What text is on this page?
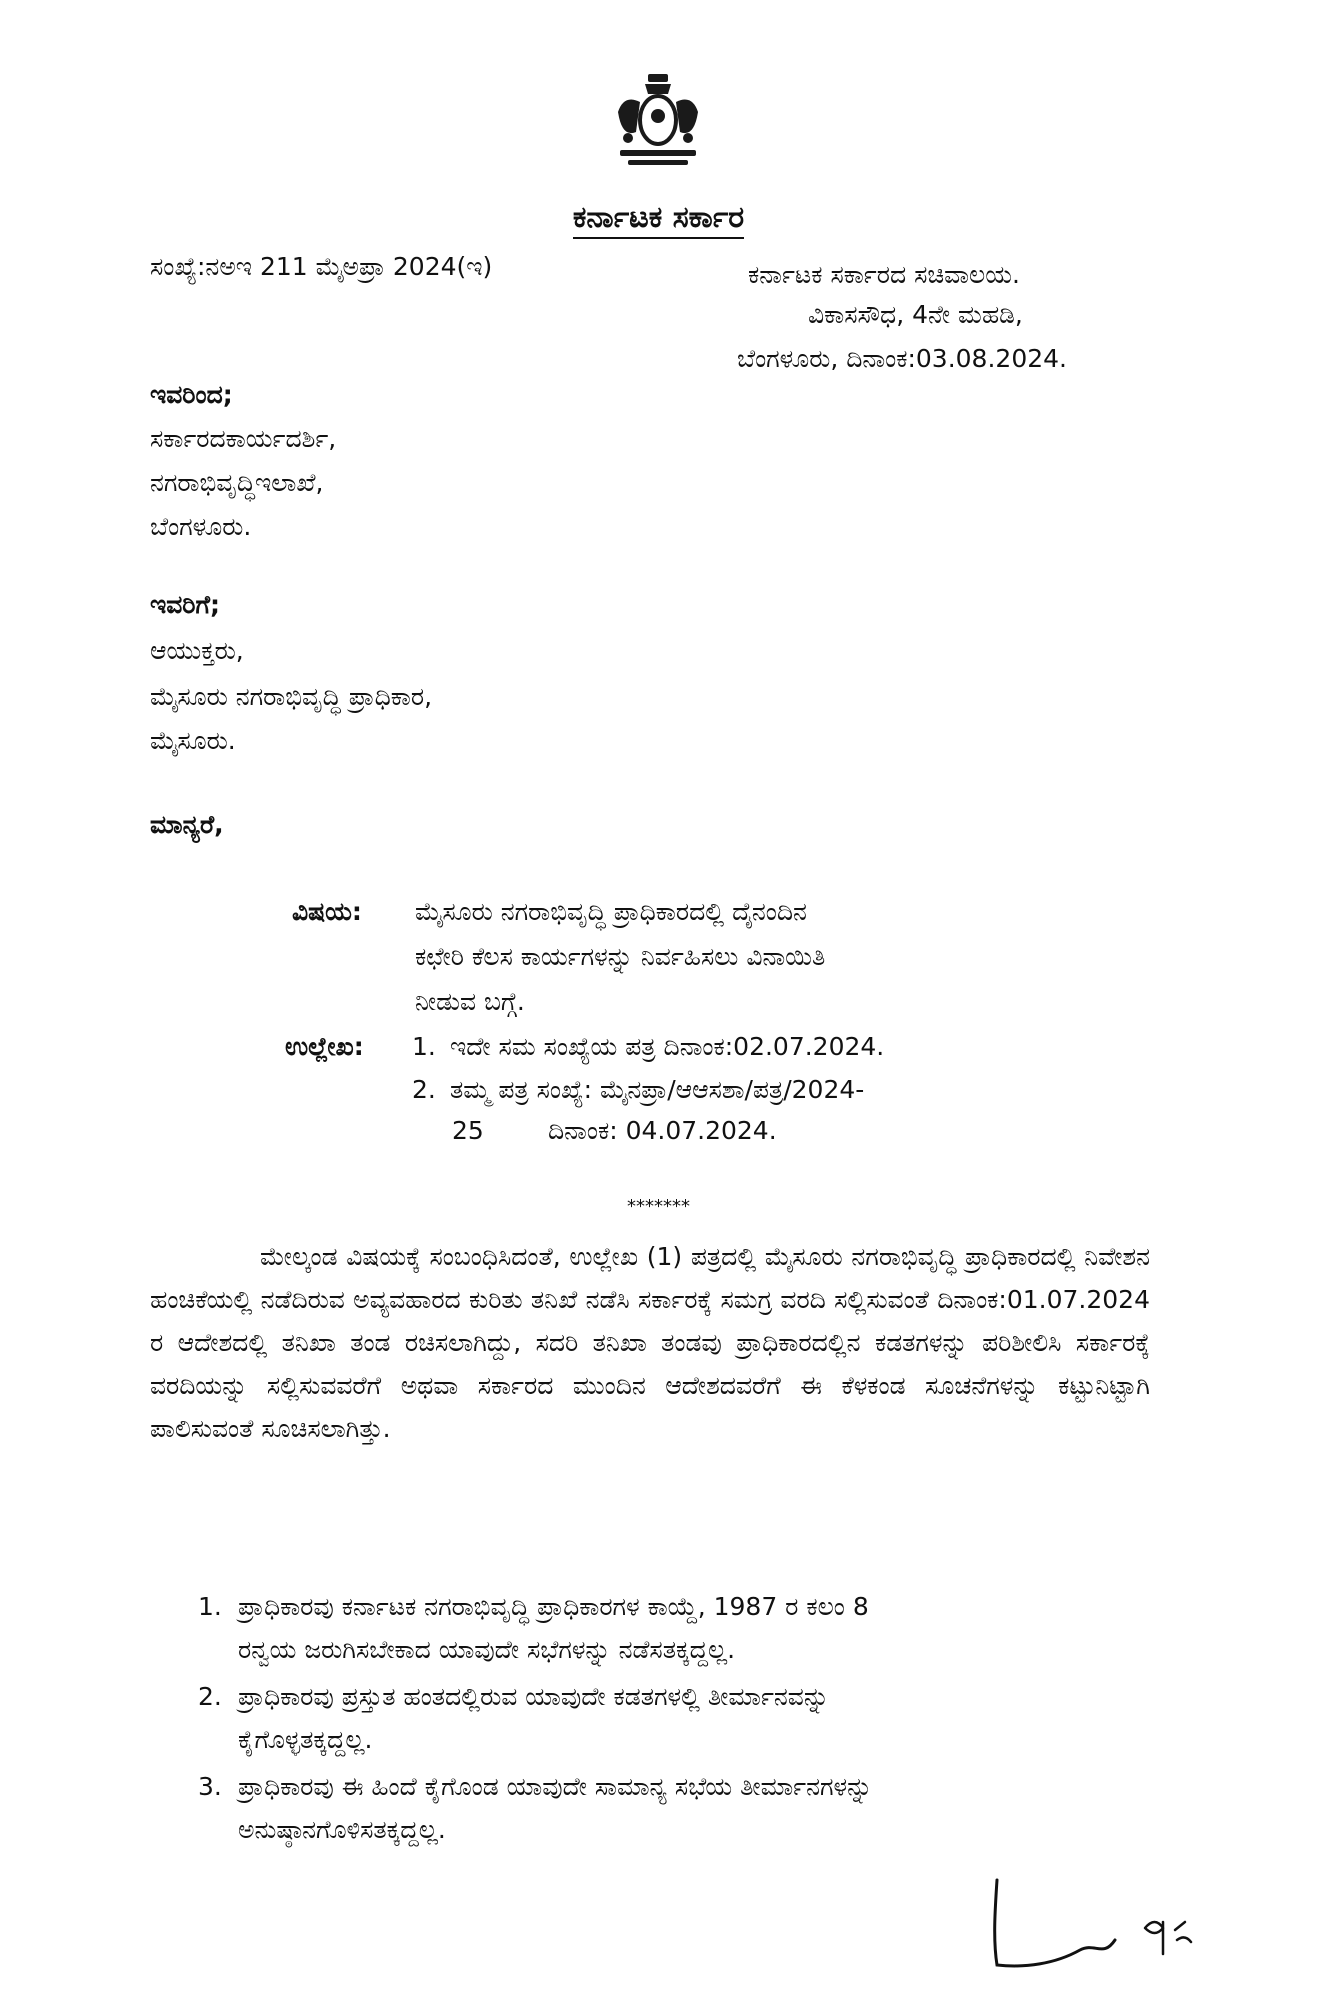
ಕರ್ನಾಟಕ ಸರ್ಕಾರ
ಸಂಖ್ಯೆ:ನಅಇ 211 ಮೈಅಪ್ರಾ 2024(ಇ)	ಕರ್ನಾಟಕ ಸರ್ಕಾರದ ಸಚಿವಾಲಯ.
ವಿಕಾಸಸೌಧ, 4ನೇ ಮಹಡಿ,
ಬೆಂಗಳೂರು, ದಿನಾಂಕ:03.08.2024.
ಇವರಿಂದ;
ಸರ್ಕಾರದಕಾರ್ಯದರ್ಶಿ,
ನಗರಾಭಿವೃದ್ಧಿಇಲಾಖೆ,
ಬೆಂಗಳೂರು.
ಇವರಿಗೆ;
ಆಯುಕ್ತರು,
ಮೈಸೂರು ನಗರಾಭಿವೃದ್ಧಿ ಪ್ರಾಧಿಕಾರ,
ಮೈಸೂರು.
ಮಾನ್ಯರೆ,
ವಿಷಯ: ಮೈಸೂರು ನಗರಾಭಿವೃದ್ಧಿ ಪ್ರಾಧಿಕಾರದಲ್ಲಿ ದೈನಂದಿನ
ಕಛೇರಿ ಕೆಲಸ ಕಾರ್ಯಗಳನ್ನು ನಿರ್ವಹಿಸಲು ವಿನಾಯಿತಿ
ನೀಡುವ ಬಗ್ಗೆ.
ಉಲ್ಲೇಖ: 1. ಇದೇ ಸಮ ಸಂಖ್ಯೆಯ ಪತ್ರ ದಿನಾಂಕ:02.07.2024.
2. ತಮ್ಮ ಪತ್ರ ಸಂಖ್ಯೆ: ಮೈನಪ್ರಾ/ಆಆಸಶಾ/ಪತ್ರ/2024-
25	ದಿನಾಂಕ: 04.07.2024.
*******
ಮೇಲ್ಕಂಡ ವಿಷಯಕ್ಕೆ ಸಂಬಂಧಿಸಿದಂತೆ, ಉಲ್ಲೇಖ (1) ಪತ್ರದಲ್ಲಿ ಮೈಸೂರು ನಗರಾಭಿವೃದ್ಧಿ ಪ್ರಾಧಿಕಾರದಲ್ಲಿ ನಿವೇಶನ ಹಂಚಿಕೆಯಲ್ಲಿ ನಡೆದಿರುವ ಅವ್ಯವಹಾರದ ಕುರಿತು ತನಿಖೆ ನಡೆಸಿ ಸರ್ಕಾರಕ್ಕೆ ಸಮಗ್ರ ವರದಿ ಸಲ್ಲಿಸುವಂತೆ ದಿನಾಂಕ:01.07.2024 ರ ಆದೇಶದಲ್ಲಿ ತನಿಖಾ ತಂಡ ರಚಿಸಲಾಗಿದ್ದು, ಸದರಿ ತನಿಖಾ ತಂಡವು ಪ್ರಾಧಿಕಾರದಲ್ಲಿನ ಕಡತಗಳನ್ನು ಪರಿಶೀಲಿಸಿ ಸರ್ಕಾರಕ್ಕೆ ವರದಿಯನ್ನು ಸಲ್ಲಿಸುವವರೆಗೆ ಅಥವಾ ಸರ್ಕಾರದ ಮುಂದಿನ ಆದೇಶದವರೆಗೆ ಈ ಕೆಳಕಂಡ ಸೂಚನೆಗಳನ್ನು ಕಟ್ಟುನಿಟ್ಟಾಗಿ ಪಾಲಿಸುವಂತೆ ಸೂಚಿಸಲಾಗಿತ್ತು.
1. ಪ್ರಾಧಿಕಾರವು ಕರ್ನಾಟಕ ನಗರಾಭಿವೃದ್ಧಿ ಪ್ರಾಧಿಕಾರಗಳ ಕಾಯ್ದೆ, 1987 ರ ಕಲಂ 8
ರನ್ವಯ ಜರುಗಿಸಬೇಕಾದ ಯಾವುದೇ ಸಭೆಗಳನ್ನು ನಡೆಸತಕ್ಕದ್ದಲ್ಲ.
2. ಪ್ರಾಧಿಕಾರವು ಪ್ರಸ್ತುತ ಹಂತದಲ್ಲಿರುವ ಯಾವುದೇ ಕಡತಗಳಲ್ಲಿ ತೀರ್ಮಾನವನ್ನು
ಕೈಗೊಳ್ಳತಕ್ಕದ್ದಲ್ಲ.
3. ಪ್ರಾಧಿಕಾರವು ಈ ಹಿಂದೆ ಕೈಗೊಂಡ ಯಾವುದೇ ಸಾಮಾನ್ಯ ಸಭೆಯ ತೀರ್ಮಾನಗಳನ್ನು
ಅನುಷ್ಠಾನಗೊಳಿಸತಕ್ಕದ್ದಲ್ಲ.
